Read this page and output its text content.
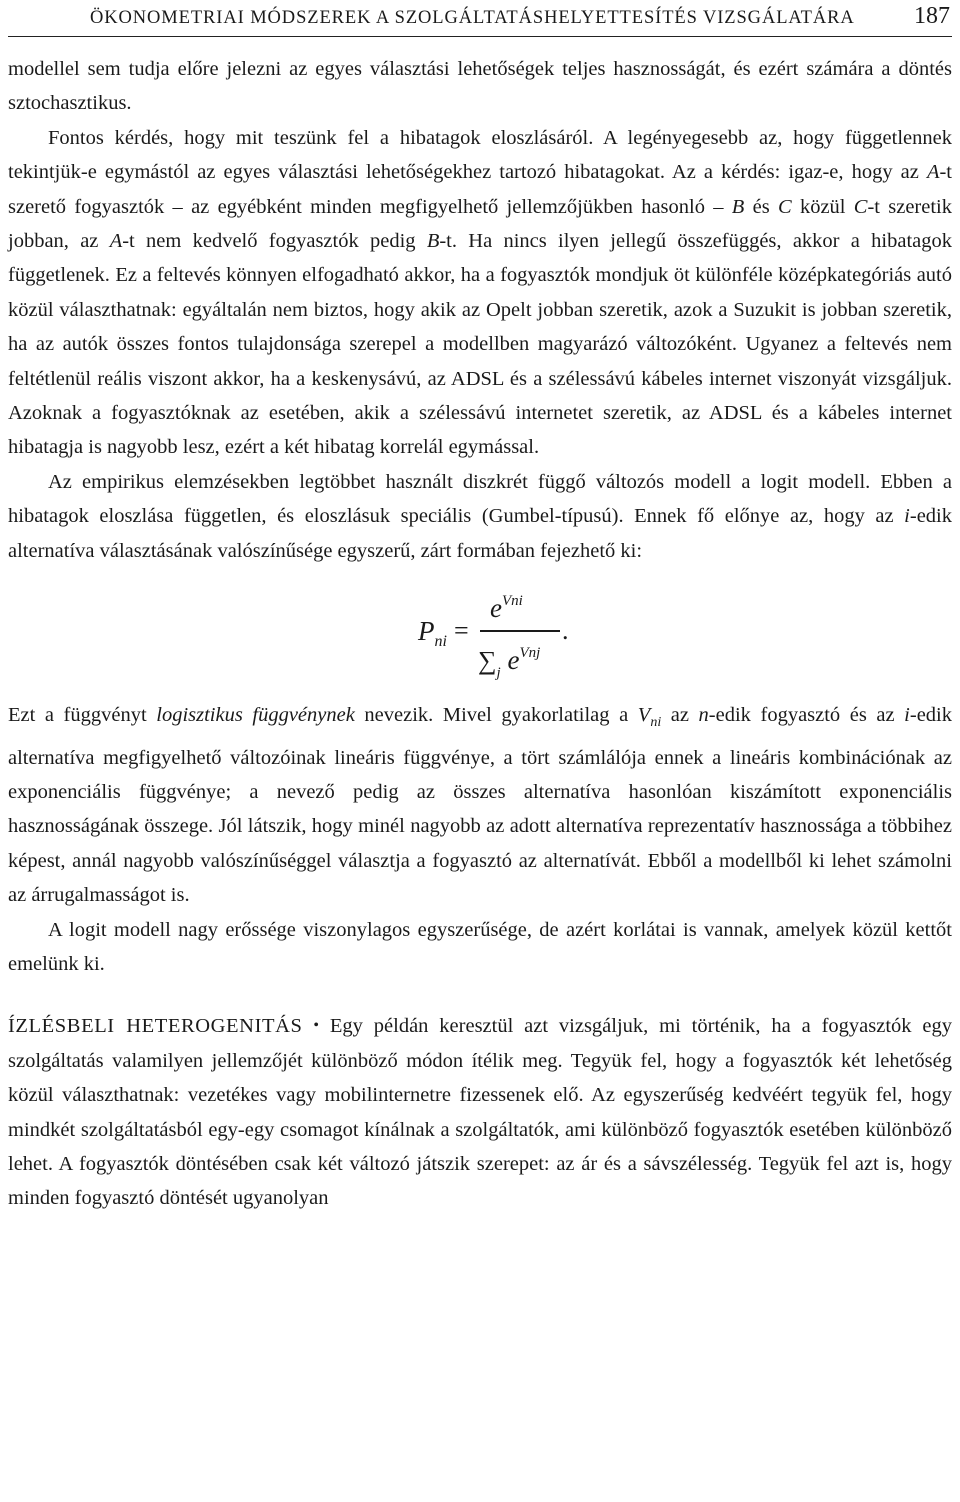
ÖKONOMETRIAI MÓDSZEREK A SZOLGÁLTATÁSHELYETTESÍTÉS VIZSGÁLATÁRA 187

modellel sem tudja előre jelezni az egyes választási lehetőségek teljes hasznosságát, és ezért számára a döntés sztochasztikus.

Fontos kérdés, hogy mit teszünk fel a hibatagok eloszlásáról. A legényegesebb az, hogy függetlennek tekintjük-e egymástól az egyes választási lehetőségekhez tartozó hibatagokat. Az a kérdés: igaz-e, hogy az A-t szerető fogyasztók – az egyébként minden megfigyelhető jellemzőjükben hasonló – B és C közül C-t szeretik jobban, az A-t nem kedvelő fogyasztók pedig B-t. Ha nincs ilyen jellegű összefüggés, akkor a hibatagok függetlenek. Ez a feltevés könnyen elfogadható akkor, ha a fogyasztók mondjuk öt különféle középkategóriás autó közül választhatnak: egyáltalán nem biztos, hogy akik az Opelt jobban szeretik, azok a Suzukit is jobban szeretik, ha az autók összes fontos tulajdonsága szerepel a modellben magyarázó változóként. Ugyanez a feltevés nem feltétlenül reális viszont akkor, ha a keskenysávú, az ADSL és a szélessávú kábeles internet viszonyát vizsgáljuk. Azoknak a fogyasztóknak az esetében, akik a szélessávú internetet szeretik, az ADSL és a kábeles internet hibatagja is nagyobb lesz, ezért a két hibatag korrelál egymással.

Az empirikus elemzésekben legtöbbet használt diszkrét függő változós modell a logit modell. Ebben a hibatagok eloszlása független, és eloszlásuk speciális (Gumbel-típusú). Ennek fő előnye az, hogy az i-edik alternatíva választásának valószínűsége egyszerű, zárt formában fejezhető ki:

$P_{ni}$ =
$e^{Vni}$
$\sum_j$ $e^{Vnj}$
.

Ezt a függvényt logisztikus függvénynek nevezik. Mivel gyakorlatilag a $V_{ni}$ az n-edik fogyasztó és az i-edik alternatíva megfigyelhető változóinak lineáris függvénye, a tört számlálója ennek a lineáris kombinációnak az exponenciális függvénye; a nevező pedig az összes alternatíva hasonlóan kiszámított exponenciális hasznosságának összege. Jól látszik, hogy minél nagyobb az adott alternatíva reprezentatív hasznossága a többihez képest, annál nagyobb valószínűséggel választja a fogyasztó az alternatívát. Ebből a modellből ki lehet számolni az árrugalmasságot is.

A logit modell nagy erőssége viszonylagos egyszerűsége, de azért korlátai is vannak, amelyek közül kettőt emelünk ki.

ÍZLÉSBELI HETEROGENITÁS • Egy példán keresztül azt vizsgáljuk, mi történik, ha a fogyasztók egy szolgáltatás valamilyen jellemzőjét különböző módon ítélik meg. Tegyük fel, hogy a fogyasztók két lehetőség közül választhatnak: vezetékes vagy mobilinternetre fizessenek elő. Az egyszerűség kedvéért tegyük fel, hogy mindkét szolgáltatásból egy-egy csomagot kínálnak a szolgáltatók, ami különböző fogyasztók esetében különböző lehet. A fogyasztók döntésében csak két változó játszik szerepet: az ár és a sávszélesség. Tegyük fel azt is, hogy minden fogyasztó döntését ugyanolyan
